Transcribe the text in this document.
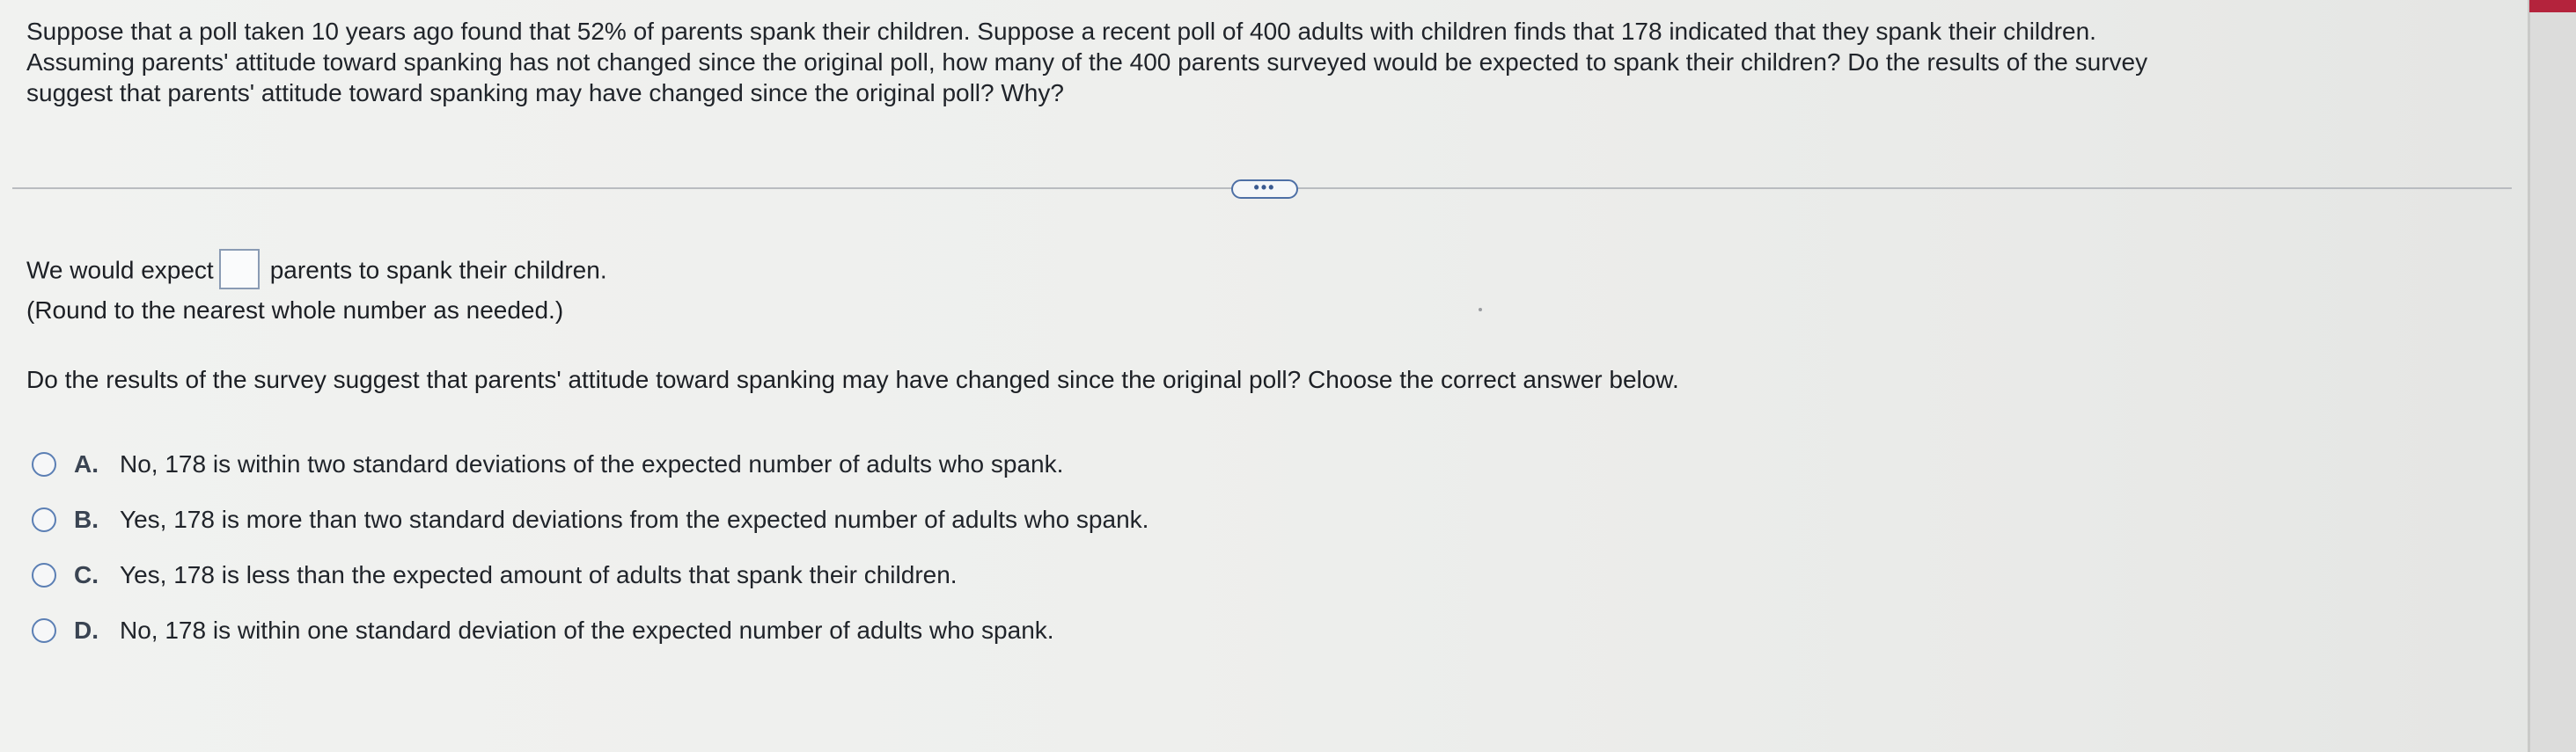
Suppose that a poll taken 10 years ago found that 52% of parents spank their children. Suppose a recent poll of 400 adults with children finds that 178 indicated that they spank their children.

Assuming parents' attitude toward spanking has not changed since the original poll, how many of the 400 parents surveyed would be expected to spank their children? Do the results of the survey

suggest that parents' attitude toward spanking may have changed since the original poll? Why?

•••
We would expect parents to spank their children.
(Round to the nearest whole number as needed.)
Do the results of the survey suggest that parents' attitude toward spanking may have changed since the original poll? Choose the correct answer below.
A. No, 178 is within two standard deviations of the expected number of adults who spank.
B. Yes, 178 is more than two standard deviations from the expected number of adults who spank.
C. Yes, 178 is less than the expected amount of adults that spank their children.
D. No, 178 is within one standard deviation of the expected number of adults who spank.
